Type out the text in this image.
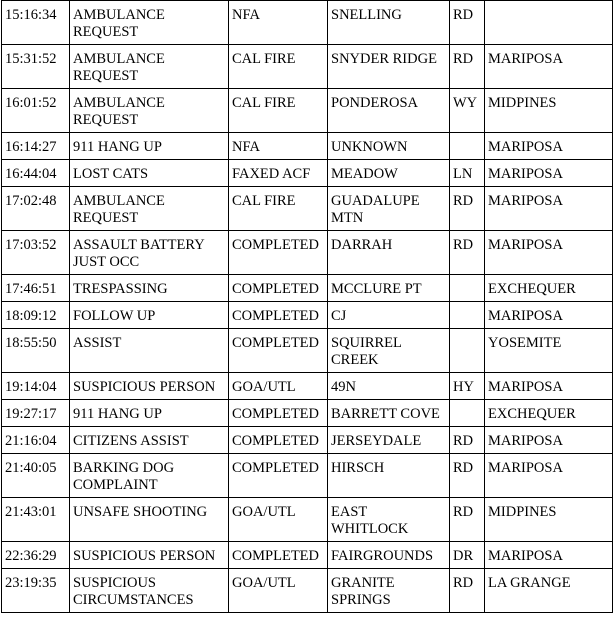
15:16:34	AMBULANCE REQUEST	NFA	SNELLING	RD	
15:31:52	AMBULANCE REQUEST	CAL FIRE	SNYDER RIDGE	RD	MARIPOSA
16:01:52	AMBULANCE REQUEST	CAL FIRE	PONDEROSA	WY	MIDPINES
16:14:27	911 HANG UP	NFA	UNKNOWN		MARIPOSA
16:44:04	LOST CATS	FAXED ACF	MEADOW	LN	MARIPOSA
17:02:48	AMBULANCE REQUEST	CAL FIRE	GUADALUPE MTN	RD	MARIPOSA
17:03:52	ASSAULT BATTERY JUST OCC	COMPLETED	DARRAH	RD	MARIPOSA
17:46:51	TRESPASSING	COMPLETED	MCCLURE PT		EXCHEQUER
18:09:12	FOLLOW UP	COMPLETED	CJ		MARIPOSA
18:55:50	ASSIST	COMPLETED	SQUIRREL CREEK		YOSEMITE
19:14:04	SUSPICIOUS PERSON	GOA/UTL	49N	HY	MARIPOSA
19:27:17	911 HANG UP	COMPLETED	BARRETT COVE		EXCHEQUER
21:16:04	CITIZENS ASSIST	COMPLETED	JERSEYDALE	RD	MARIPOSA
21:40:05	BARKING DOG COMPLAINT	COMPLETED	HIRSCH	RD	MARIPOSA
21:43:01	UNSAFE SHOOTING	GOA/UTL	EAST WHITLOCK	RD	MIDPINES
22:36:29	SUSPICIOUS PERSON	COMPLETED	FAIRGROUNDS	DR	MARIPOSA
23:19:35	SUSPICIOUS CIRCUMSTANCES	GOA/UTL	GRANITE SPRINGS	RD	LA GRANGE
